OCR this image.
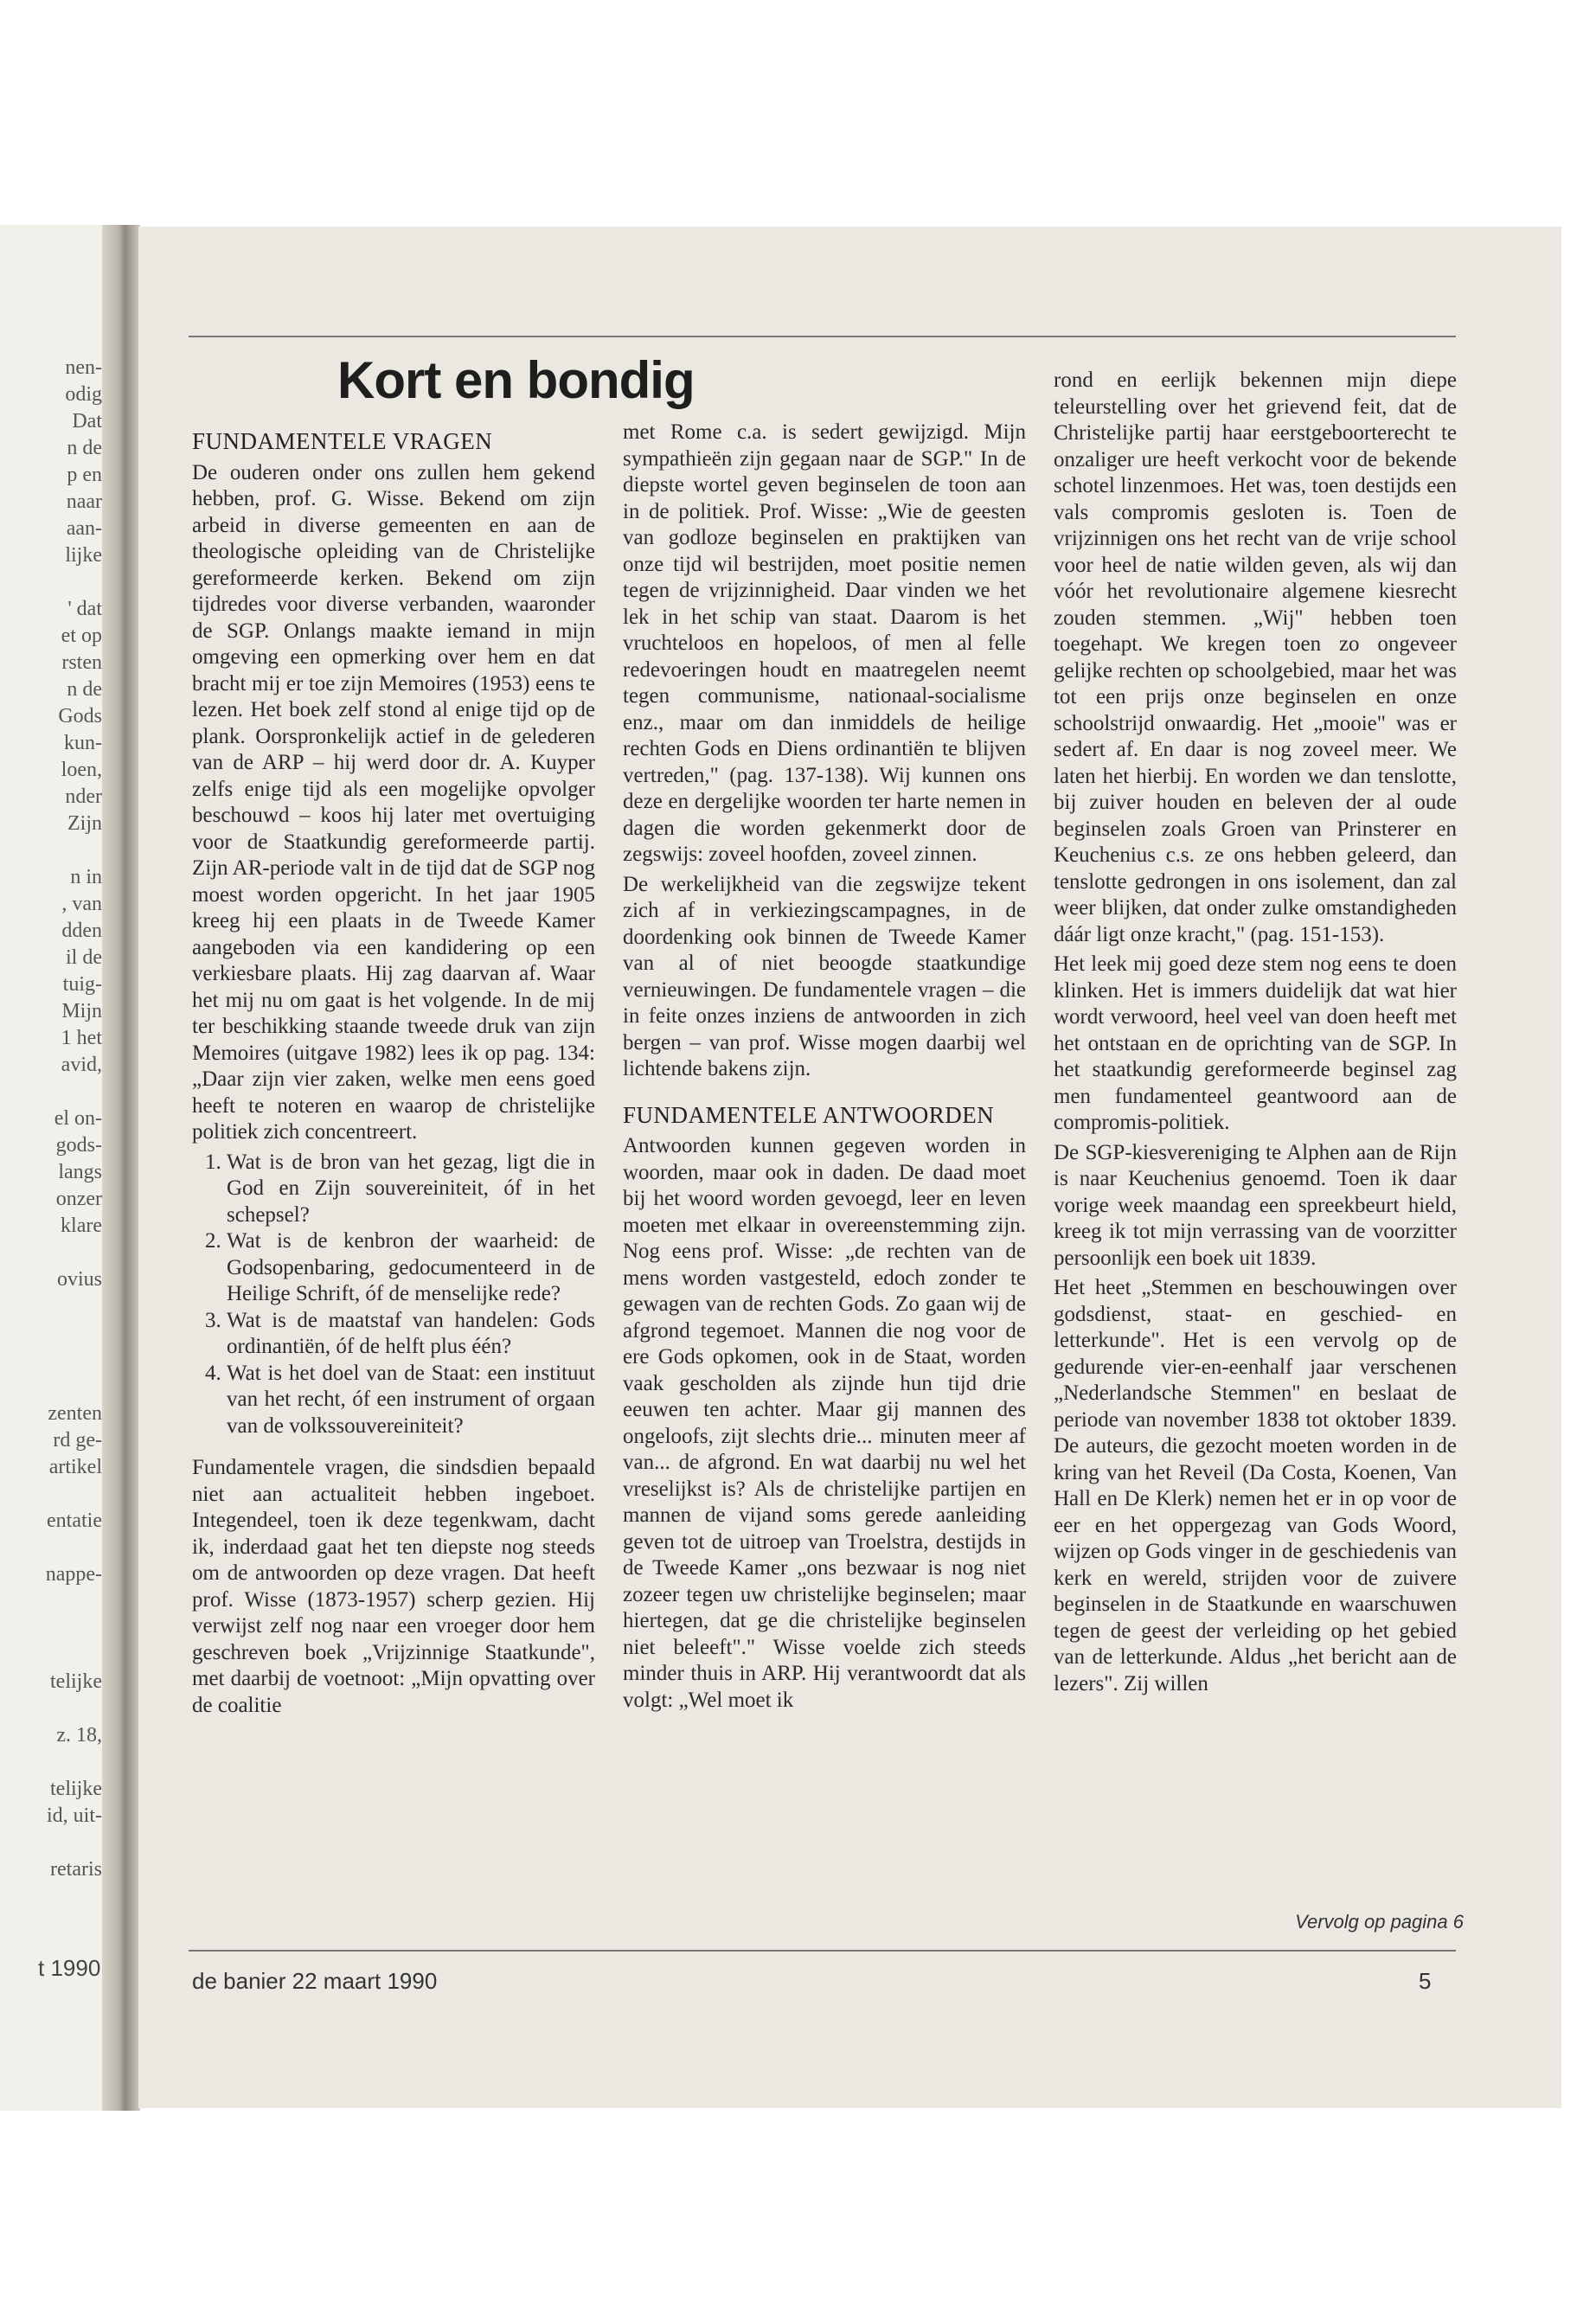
nen-
odig
Dat
n de
p en
naar
aan-
lijke
' dat
et op
rsten
n de
Gods
kun-
loen,
nder
Zijn
n in
, van
dden
il de
tuig-
Mijn
1 het
avid,
el on-
gods-
langs
onzer
klare
ovius
zenten
rd ge-
artikel
entatie
nappe-
telijke
z. 18,
telijke
id, uit-
retaris
t 1990
Kort en bondig
FUNDAMENTELE VRAGEN

De ouderen onder ons zullen hem gekend hebben, prof. G. Wisse. Bekend om zijn arbeid in diverse gemeenten en aan de theologische opleiding van de Christelijke gereformeerde kerken. Bekend om zijn tijdredes voor diverse verbanden, waaronder de SGP. Onlangs maakte iemand in mijn omgeving een opmerking over hem en dat bracht mij er toe zijn Memoires (1953) eens te lezen. Het boek zelf stond al enige tijd op de plank. Oorspronkelijk actief in de gelederen van de ARP – hij werd door dr. A. Kuyper zelfs enige tijd als een mogelijke opvolger beschouwd – koos hij later met overtuiging voor de Staatkundig gereformeerde partij. Zijn AR-periode valt in de tijd dat de SGP nog moest worden opgericht. In het jaar 1905 kreeg hij een plaats in de Tweede Kamer aangeboden via een kandidering op een verkiesbare plaats. Hij zag daarvan af. Waar het mij nu om gaat is het volgende. In de mij ter beschikking staande tweede druk van zijn Memoires (uitgave 1982) lees ik op pag. 134: „Daar zijn vier zaken, welke men eens goed heeft te noteren en waarop de christelijke politiek zich concentreert.

1. Wat is de bron van het gezag, ligt die in God en Zijn souvereiniteit, óf in het schepsel?
2. Wat is de kenbron der waarheid: de Godsopenbaring, gedocumenteerd in de Heilige Schrift, óf de menselijke rede?
3. Wat is de maatstaf van handelen: Gods ordinantiën, óf de helft plus één?
4. Wat is het doel van de Staat: een instituut van het recht, óf een instrument of orgaan van de volkssouvereiniteit?

Fundamentele vragen, die sindsdien bepaald niet aan actualiteit hebben ingeboet. Integendeel, toen ik deze tegenkwam, dacht ik, inderdaad gaat het ten diepste nog steeds om de antwoorden op deze vragen. Dat heeft prof. Wisse (1873-1957) scherp gezien. Hij verwijst zelf nog naar een vroeger door hem geschreven boek „Vrijzinnige Staatkunde", met daarbij de voetnoot: „Mijn opvatting over de coalitie

met Rome c.a. is sedert gewijzigd. Mijn sympathieën zijn gegaan naar de SGP." In de diepste wortel geven beginselen de toon aan in de politiek. Prof. Wisse: „Wie de geesten van godloze beginselen en praktijken van onze tijd wil bestrijden, moet positie nemen tegen de vrijzinnigheid. Daar vinden we het lek in het schip van staat. Daarom is het vruchteloos en hopeloos, of men al felle redevoeringen houdt en maatregelen neemt tegen communisme, nationaal-socialisme enz., maar om dan inmiddels de heilige rechten Gods en Diens ordinantiën te blijven vertreden," (pag. 137-138). Wij kunnen ons deze en dergelijke woorden ter harte nemen in dagen die worden gekenmerkt door de zegswijs: zoveel hoofden, zoveel zinnen.

De werkelijkheid van die zegswijze tekent zich af in verkiezingscampagnes, in de doordenking ook binnen de Tweede Kamer van al of niet beoogde staatkundige vernieuwingen. De fundamentele vragen – die in feite onzes inziens de antwoorden in zich bergen – van prof. Wisse mogen daarbij wel lichtende bakens zijn.

FUNDAMENTELE ANTWOORDEN

Antwoorden kunnen gegeven worden in woorden, maar ook in daden. De daad moet bij het woord worden gevoegd, leer en leven moeten met elkaar in overeenstemming zijn. Nog eens prof. Wisse: „de rechten van de mens worden vastgesteld, edoch zonder te gewagen van de rechten Gods. Zo gaan wij de afgrond tegemoet. Mannen die nog voor de ere Gods opkomen, ook in de Staat, worden vaak gescholden als zijnde hun tijd drie eeuwen ten achter. Maar gij mannen des ongeloofs, zijt slechts drie... minuten meer af van... de afgrond. En wat daarbij nu wel het vreselijkst is? Als de christelijke partijen en mannen de vijand soms gerede aanleiding geven tot de uitroep van Troelstra, destijds in de Tweede Kamer „ons bezwaar is nog niet zozeer tegen uw christelijke beginselen; maar hiertegen, dat ge die christelijke beginselen niet beleeft"." Wisse voelde zich steeds minder thuis in ARP. Hij verantwoordt dat als volgt: „Wel moet ik

rond en eerlijk bekennen mijn diepe teleurstelling over het grievend feit, dat de Christelijke partij haar eerstgeboorterecht te onzaliger ure heeft verkocht voor de bekende schotel linzenmoes. Het was, toen destijds een vals compromis gesloten is. Toen de vrijzinnigen ons het recht van de vrije school voor heel de natie wilden geven, als wij dan vóór het revolutionaire algemene kiesrecht zouden stemmen. „Wij" hebben toen toegehapt. We kregen toen zo ongeveer gelijke rechten op schoolgebied, maar het was tot een prijs onze beginselen en onze schoolstrijd onwaardig. Het „mooie" was er sedert af. En daar is nog zoveel meer. We laten het hierbij. En worden we dan tenslotte, bij zuiver houden en beleven der al oude beginselen zoals Groen van Prinsterer en Keuchenius c.s. ze ons hebben geleerd, dan tenslotte gedrongen in ons isolement, dan zal weer blijken, dat onder zulke omstandigheden dáár ligt onze kracht," (pag. 151-153).

Het leek mij goed deze stem nog eens te doen klinken. Het is immers duidelijk dat wat hier wordt verwoord, heel veel van doen heeft met het ontstaan en de oprichting van de SGP. In het staatkundig gereformeerde beginsel zag men fundamenteel geantwoord aan de compromis-politiek.

De SGP-kiesvereniging te Alphen aan de Rijn is naar Keuchenius genoemd. Toen ik daar vorige week maandag een spreekbeurt hield, kreeg ik tot mijn verrassing van de voorzitter persoonlijk een boek uit 1839.

Het heet „Stemmen en beschouwingen over godsdienst, staat- en geschied- en letterkunde". Het is een vervolg op de gedurende vier-en-eenhalf jaar verschenen „Nederlandsche Stemmen" en beslaat de periode van november 1838 tot oktober 1839. De auteurs, die gezocht moeten worden in de kring van het Reveil (Da Costa, Koenen, Van Hall en De Klerk) nemen het er in op voor de eer en het oppergezag van Gods Woord, wijzen op Gods vinger in de geschiedenis van kerk en wereld, strijden voor de zuivere beginselen in de Staatkunde en waarschuwen tegen de geest der verleiding op het gebied van de letterkunde. Aldus „het bericht aan de lezers". Zij willen

Vervolg op pagina 6
de banier 22 maart 1990	5
